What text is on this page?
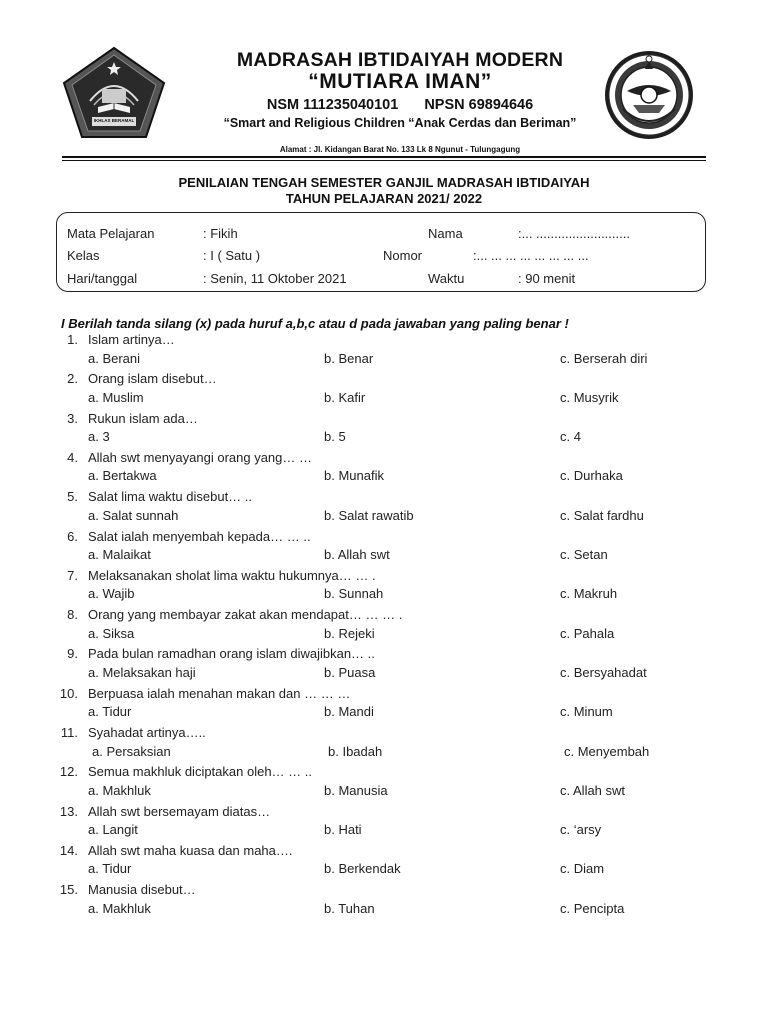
IKHLAS BERAMAL
MADRASAH IBTIDAIYAH MODERN
“MUTIARA IMAN”
NSM 111235040101 NPSN 69894646
“Smart and Religious Children “Anak Cerdas dan Beriman”
Alamat : Jl. Kidangan Barat No. 133 Lk 8 Ngunut - Tulungagung
PENILAIAN TENGAH SEMESTER GANJIL MADRASAH IBTIDAIYAH
TAHUN PELAJARAN 2021/ 2022
Mata Pelajaran	: Fikih	Nama	:... ..........................
Kelas	: I ( Satu )	Nomor	:... ... ... ... ... ... ... ...
Hari/tanggal	: Senin, 11 Oktober 2021	Waktu	: 90 menit
I Berilah tanda silang (x) pada huruf a,b,c atau d pada jawaban yang paling benar !
1. Islam artinya…
a. Berani	b. Benar	c. Berserah diri
2. Orang islam disebut…
a. Muslim	b. Kafir	c. Musyrik
3. Rukun islam ada…
a. 3	b. 5	c. 4
4. Allah swt menyayangi orang yang… …
a. Bertakwa	b. Munafik	c. Durhaka
5. Salat lima waktu disebut… ..
a. Salat sunnah	b. Salat rawatib	c. Salat fardhu
6. Salat ialah menyembah kepada… … ..
a. Malaikat	b. Allah swt	c. Setan
7. Melaksanakan sholat lima waktu hukumnya… … .
a. Wajib	b. Sunnah	c. Makruh
8. Orang yang membayar zakat akan mendapat… … … .
a. Siksa	b. Rejeki	c. Pahala
9. Pada bulan ramadhan orang islam diwajibkan… ..
a. Melaksakan haji	b. Puasa	c. Bersyahadat
10. Berpuasa ialah menahan makan dan … … …
a. Tidur	b. Mandi	c. Minum
11. Syahadat artinya…..
a. Persaksian	b. Ibadah	c. Menyembah
12. Semua makhluk diciptakan oleh… … ..
a. Makhluk	b. Manusia	c. Allah swt
13. Allah swt bersemayam diatas…
a. Langit	b. Hati	c. ‘arsy
14. Allah swt maha kuasa dan maha….
a. Tidur	b. Berkendak	c. Diam
15. Manusia disebut…
a. Makhluk	b. Tuhan	c. Pencipta
